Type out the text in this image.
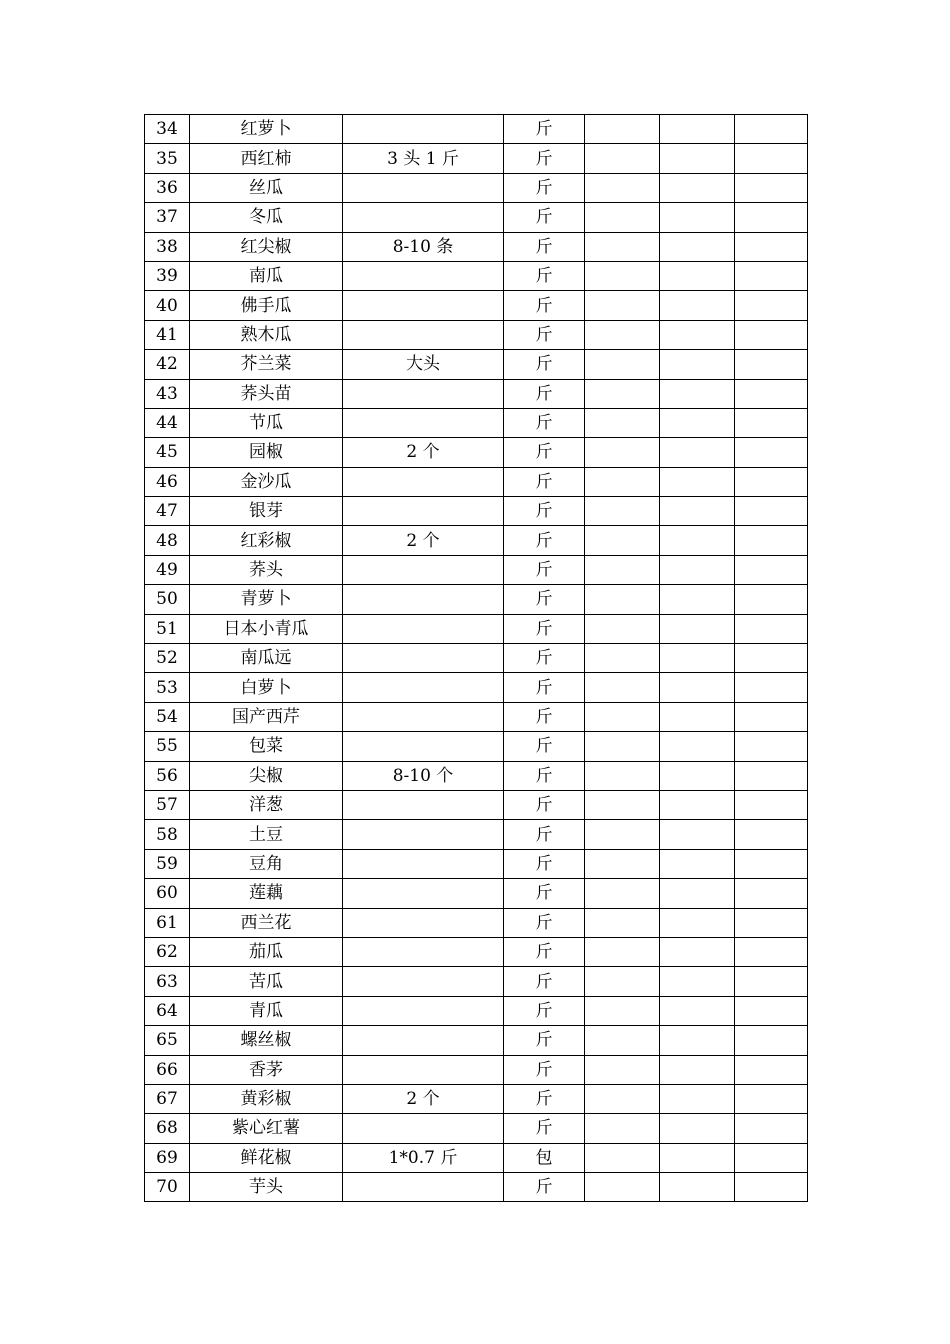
34	红萝卜		斤			
35	西红柿	3 头 1 斤	斤			
36	丝瓜		斤			
37	冬瓜		斤			
38	红尖椒	8-10 条	斤			
39	南瓜		斤			
40	佛手瓜		斤			
41	熟木瓜		斤			
42	芥兰菜	大头	斤			
43	荞头苗		斤			
44	节瓜		斤			
45	园椒	2 个	斤			
46	金沙瓜		斤			
47	银芽		斤			
48	红彩椒	2 个	斤			
49	荞头		斤			
50	青萝卜		斤			
51	日本小青瓜		斤			
52	南瓜远		斤			
53	白萝卜		斤			
54	国产西芹		斤			
55	包菜		斤			
56	尖椒	8-10 个	斤			
57	洋葱		斤			
58	土豆		斤			
59	豆角		斤			
60	莲藕		斤			
61	西兰花		斤			
62	茄瓜		斤			
63	苦瓜		斤			
64	青瓜		斤			
65	螺丝椒		斤			
66	香茅		斤			
67	黄彩椒	2 个	斤			
68	紫心红薯		斤			
69	鲜花椒	1*0.7 斤	包			
70	芋头		斤			
